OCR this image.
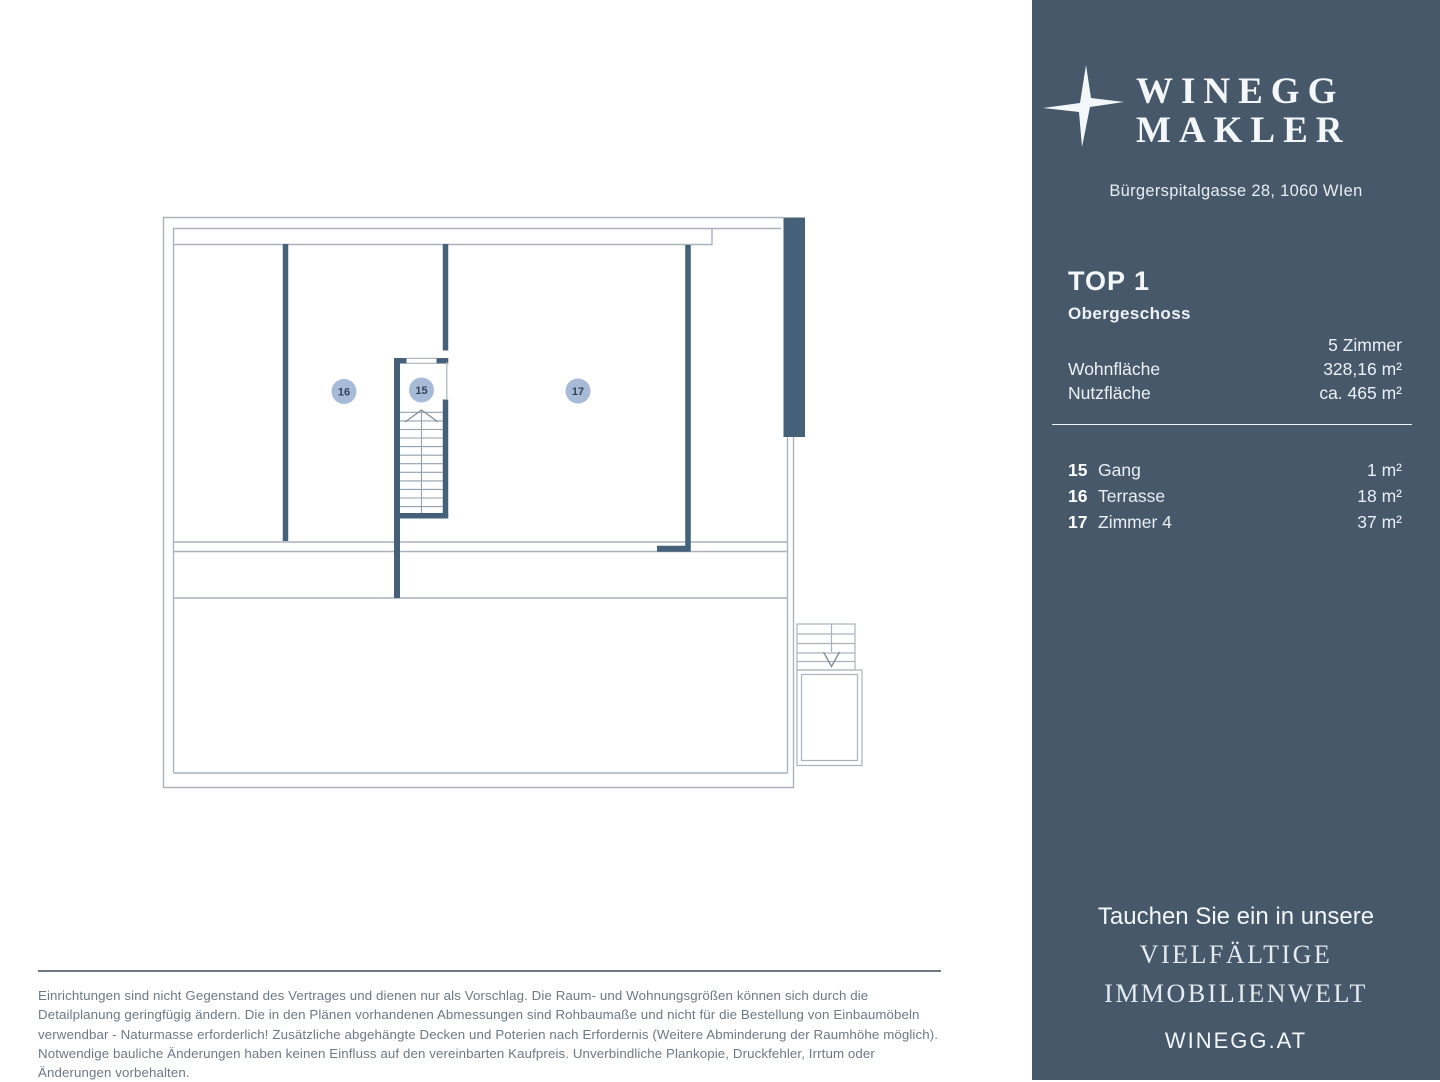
16	15	17
Einrichtungen sind nicht Gegenstand des Vertrages und dienen nur als Vorschlag. Die Raum- und Wohnungsgrößen können sich durch die Detailplanung geringfügig ändern. Die in den Plänen vorhandenen Abmessungen sind Rohbaumaße und nicht für die Bestellung von Einbaumöbeln verwendbar - Naturmasse erforderlich! Zusätzliche abgehängte Decken und Poterien nach Erfordernis (Weitere Abminderung der Raumhöhe möglich). Notwendige bauliche Änderungen haben keinen Einfluss auf den vereinbarten Kaufpreis. Unverbindliche Plankopie, Druckfehler, Irrtum oder Änderungen vorbehalten.
WINEGG
MAKLER
Bürgerspitalgasse 28, 1060 WIen
TOP 1
Obergeschoss
5 Zimmer
Wohnfläche	328,16 m²
Nutzfläche	ca. 465 m²
15 Gang	1 m²
16 Terrasse	18 m²
17 Zimmer 4	37 m²
Tauchen Sie ein in unsere
VIELFÄLTIGE
IMMOBILIENWELT
WINEGG.AT
